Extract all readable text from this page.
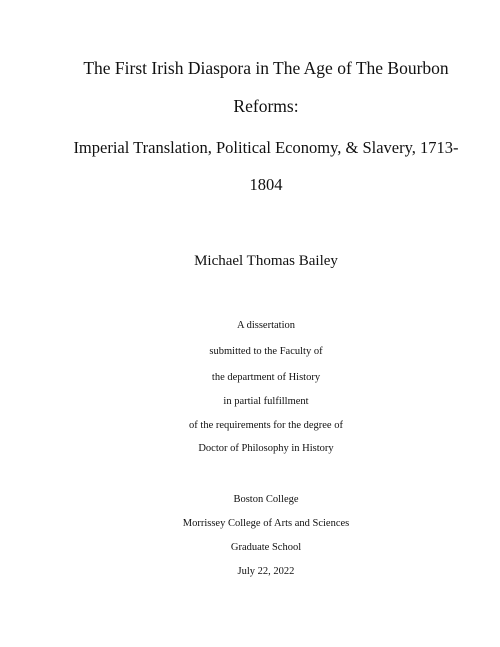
The First Irish Diaspora in The Age of The Bourbon
Reforms:
Imperial Translation, Political Economy, & Slavery, 1713-
1804
Michael Thomas Bailey
A dissertation
submitted to the Faculty of
the department of History
in partial fulfillment
of the requirements for the degree of
Doctor of Philosophy in History
Boston College
Morrissey College of Arts and Sciences
Graduate School
July 22, 2022
